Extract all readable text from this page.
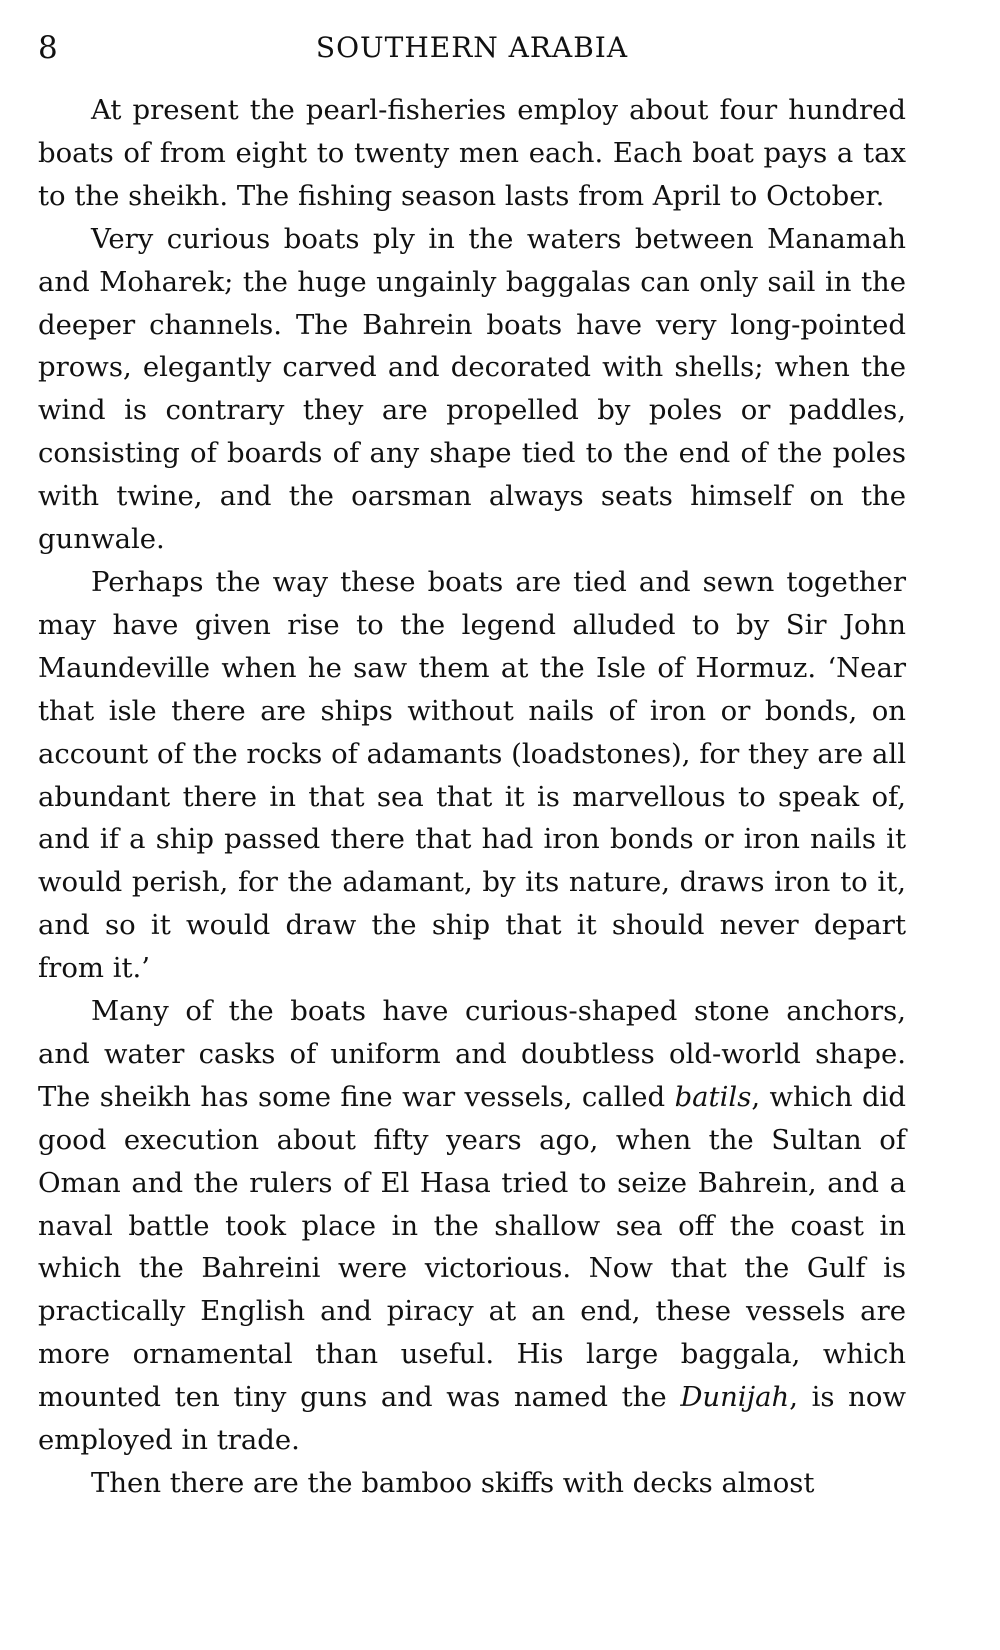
8	SOUTHERN ARABIA

At present the pearl-fisheries employ about four hundred boats of from eight to twenty men each. Each boat pays a tax to the sheikh. The fishing season lasts from April to October.

Very curious boats ply in the waters between Manamah and Moharek; the huge ungainly baggalas can only sail in the deeper channels. The Bahrein boats have very long-pointed prows, elegantly carved and decorated with shells; when the wind is contrary they are propelled by poles or paddles, consisting of boards of any shape tied to the end of the poles with twine, and the oarsman always seats himself on the gunwale.

Perhaps the way these boats are tied and sewn together may have given rise to the legend alluded to by Sir John Maundeville when he saw them at the Isle of Hormuz. ‘Near that isle there are ships without nails of iron or bonds, on account of the rocks of adamants (loadstones), for they are all abundant there in that sea that it is marvellous to speak of, and if a ship passed there that had iron bonds or iron nails it would perish, for the adamant, by its nature, draws iron to it, and so it would draw the ship that it should never depart from it.’

Many of the boats have curious-shaped stone anchors, and water casks of uniform and doubtless old-world shape. The sheikh has some fine war vessels, called batils, which did good execution about fifty years ago, when the Sultan of Oman and the rulers of El Hasa tried to seize Bahrein, and a naval battle took place in the shallow sea off the coast in which the Bahreini were victorious. Now that the Gulf is practically English and piracy at an end, these vessels are more ornamental than useful. His large baggala, which mounted ten tiny guns and was named the Dunijah, is now employed in trade.

Then there are the bamboo skiffs with decks almost
